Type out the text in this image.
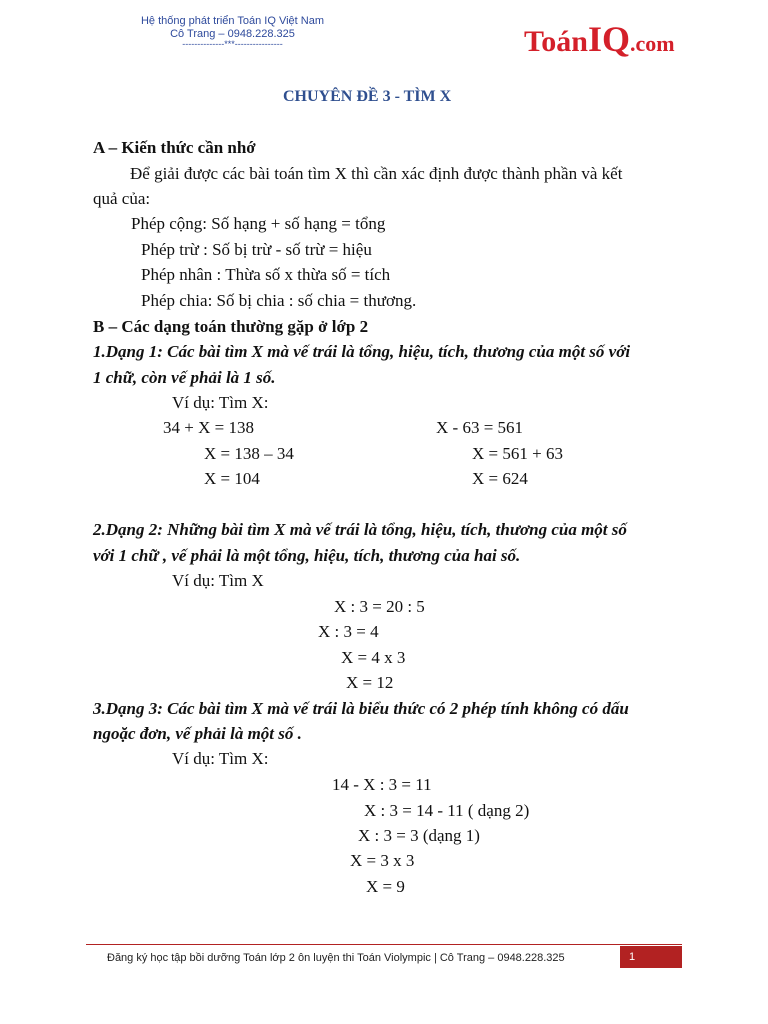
Hệ thống phát triển Toán IQ Việt Nam
Cô Trang – 0948.228.325
--------------***----------------	ToánIQ.com
CHUYÊN ĐỀ 3 - TÌM X
A – Kiến thức cần nhớ
Để giải được các bài toán tìm X thì cần xác định được thành phần và kết
quả của:
Phép cộng: Số hạng + số hạng = tổng
Phép trừ : Số bị trừ - số trừ = hiệu
Phép nhân : Thừa số x thừa số = tích
Phép chia: Số bị chia : số chia = thương.
B – Các dạng toán thường gặp ở lớp 2
1.Dạng 1: Các bài tìm X mà vế trái là tổng, hiệu, tích, thương của một số với
1 chữ, còn vế phải là 1 số.
Ví dụ: Tìm X:
34 + X = 138
X = 138 – 34
X = 104
X - 63 = 561
X = 561 + 63
X = 624
2.Dạng 2: Những bài tìm X mà vế trái là tổng, hiệu, tích, thương của một số
với 1 chữ , vế phải là một tổng, hiệu, tích, thương của hai số.
Ví dụ: Tìm X
X : 3 = 20 : 5
X : 3 = 4
X = 4 x 3
X = 12
3.Dạng 3: Các bài tìm X mà vế trái là biểu thức có 2 phép tính không có dấu
ngoặc đơn, vế phải là một số .
Ví dụ: Tìm X:
14 - X : 3 = 11
X : 3 = 14 - 11 ( dạng 2)
X : 3 = 3 (dạng 1)
X = 3 x 3
X = 9
Đăng ký học tập bồi dưỡng Toán lớp 2 ôn luyện thi Toán Violympic | Cô Trang – 0948.228.325	1
